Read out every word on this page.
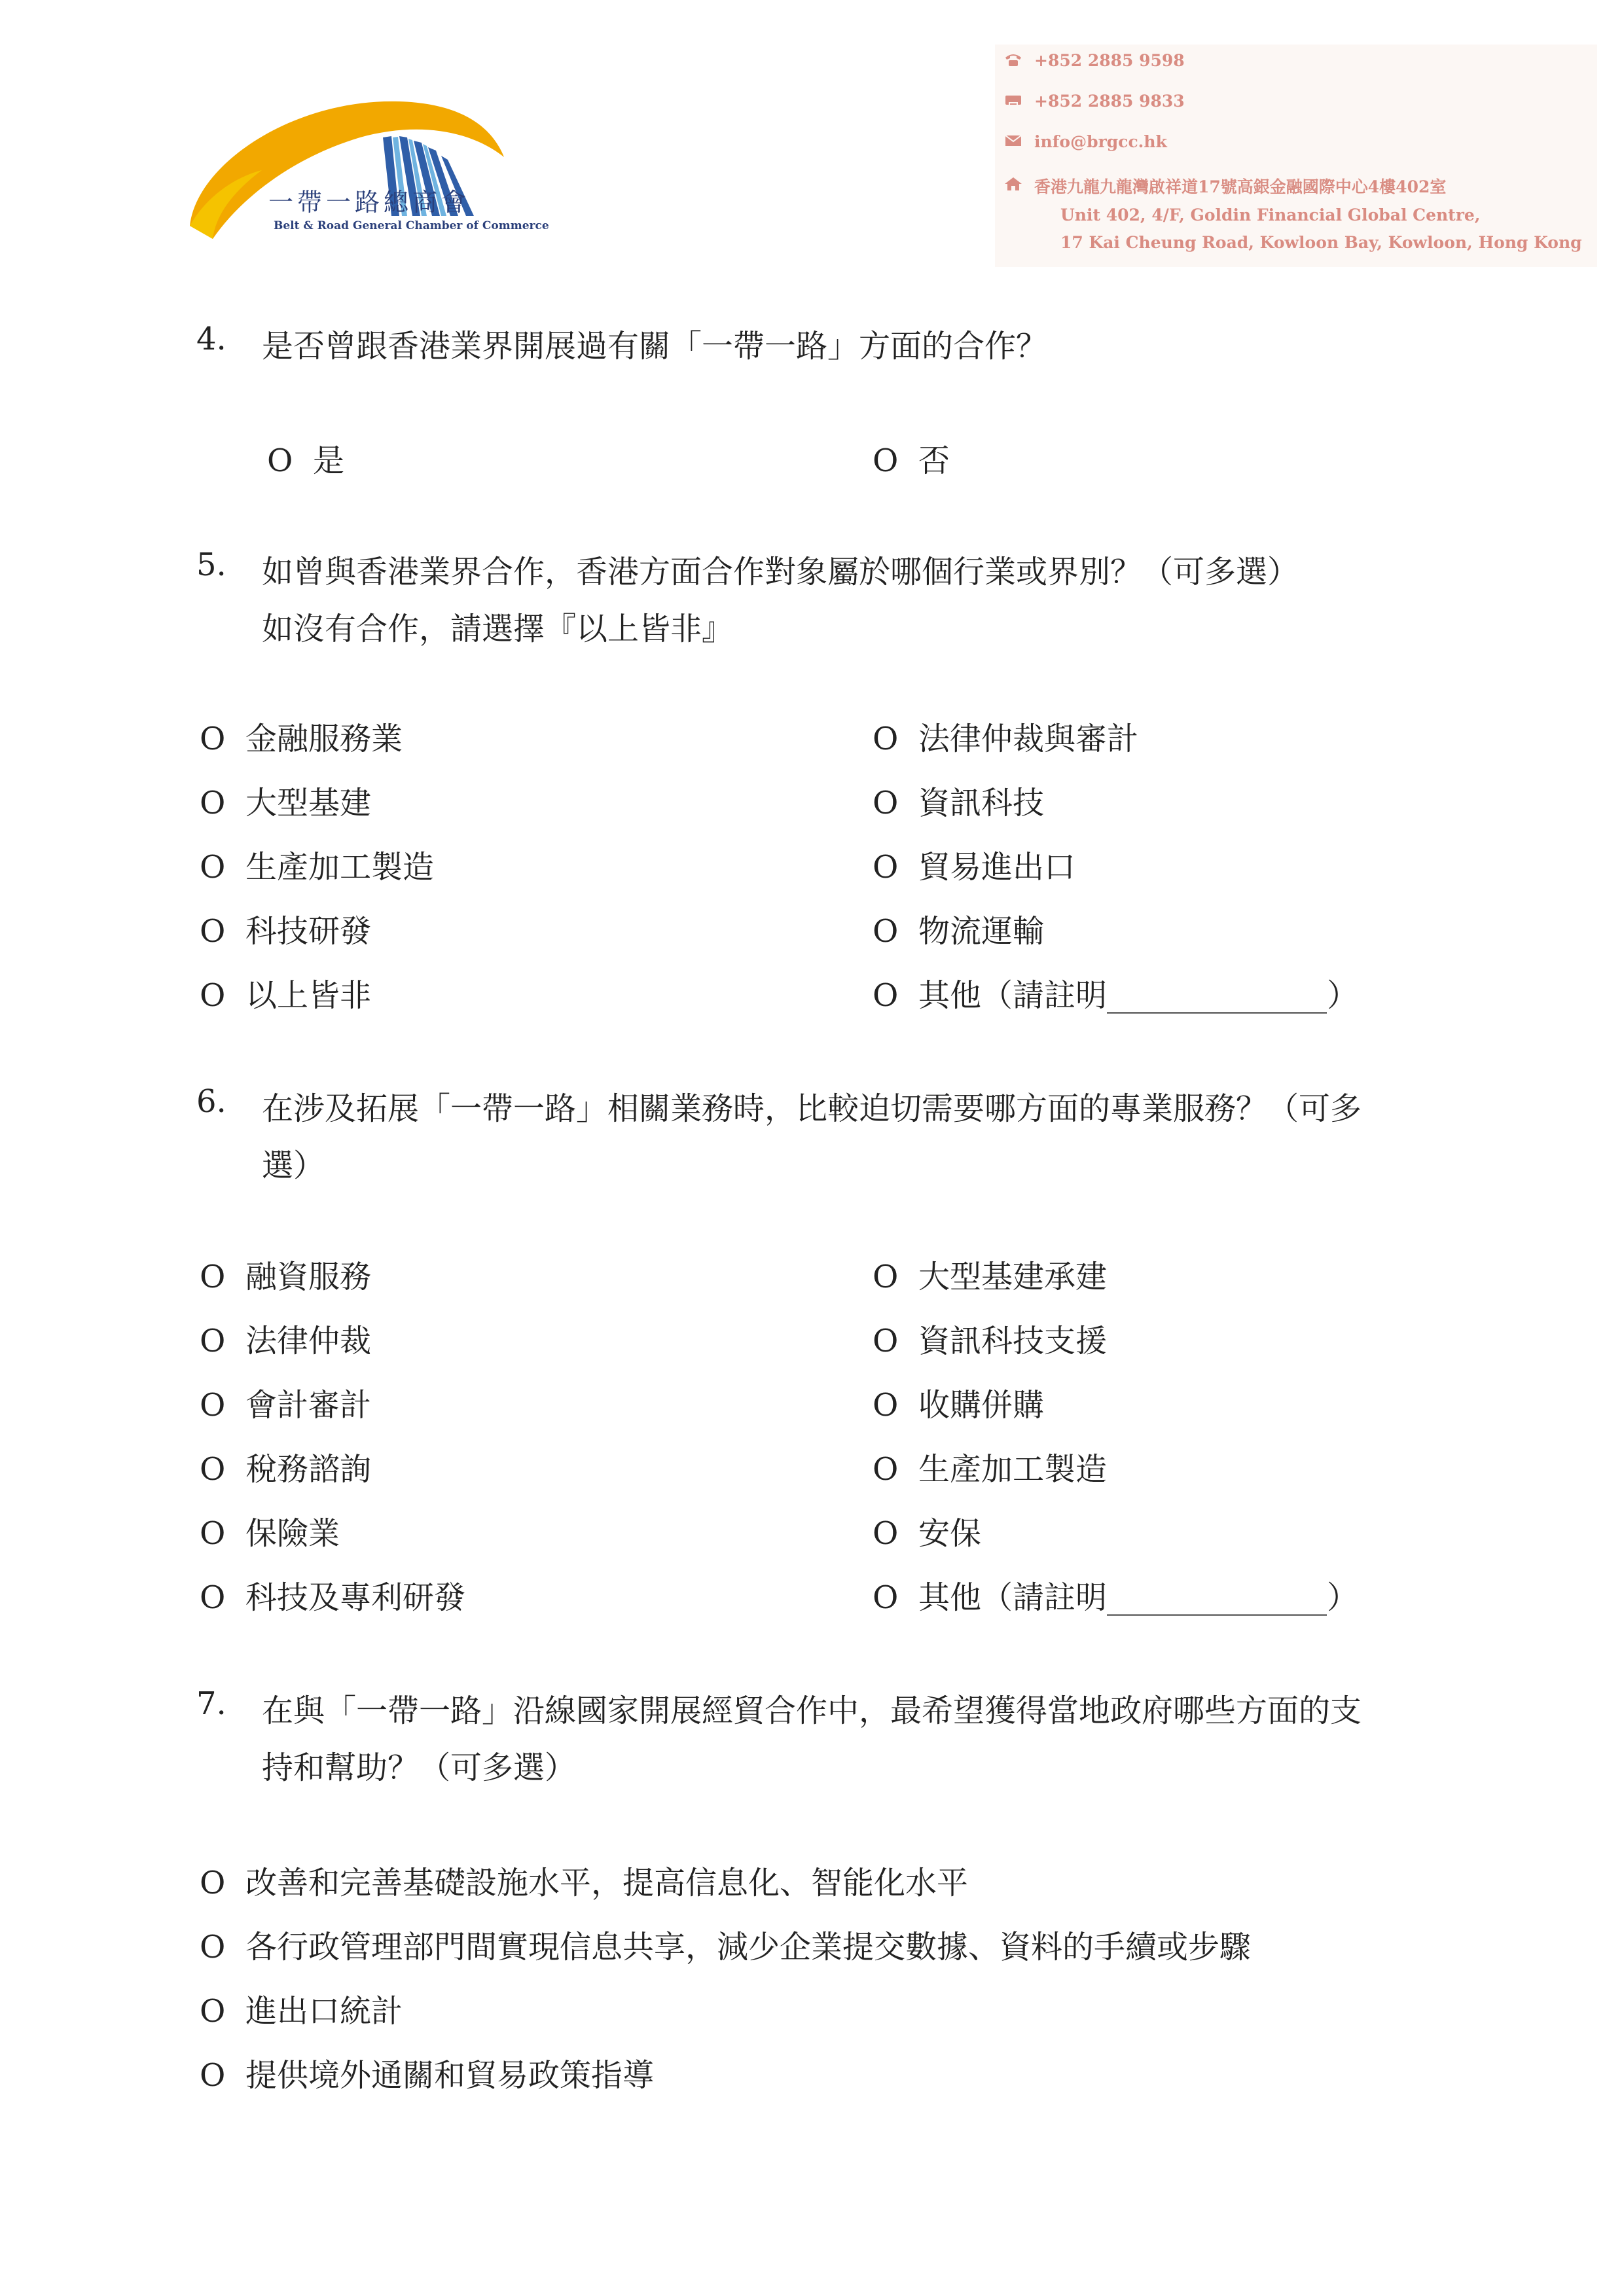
一帶一路總商會
Belt & Road General Chamber of Commerce
+852 2885 9598
+852 2885 9833
info@brgcc.hk
香港九龍九龍灣啟祥道17號高銀金融國際中心4樓402室
Unit 402, 4/F, Goldin Financial Global Centre,
17 Kai Cheung Road, Kowloon Bay, Kowloon, Hong Kong
4. 是否曾跟香港業界開展過有關「一帶一路」方面的合作？
O 是	O 否
5. 如曾與香港業界合作，香港方面合作對象屬於哪個行業或界別？（可多選）
如沒有合作，請選擇『以上皆非』
O 金融服務業
O 大型基建
O 生產加工製造
O 科技研發
O 以上皆非
O 法律仲裁與審計
O 資訊科技
O 貿易進出口
O 物流運輸
O 其他（請註明______________）
6. 在涉及拓展「一帶一路」相關業務時，比較迫切需要哪方面的專業服務？（可多
選）
O 融資服務
O 法律仲裁
O 會計審計
O 稅務諮詢
O 保險業
O 科技及專利研發
O 大型基建承建
O 資訊科技支援
O 收購併購
O 生產加工製造
O 安保
O 其他（請註明______________）
7. 在與「一帶一路」沿線國家開展經貿合作中，最希望獲得當地政府哪些方面的支
持和幫助？（可多選）
O 改善和完善基礎設施水平，提高信息化、智能化水平
O 各行政管理部門間實現信息共享，減少企業提交數據、資料的手續或步驟
O 進出口統計
O 提供境外通關和貿易政策指導
